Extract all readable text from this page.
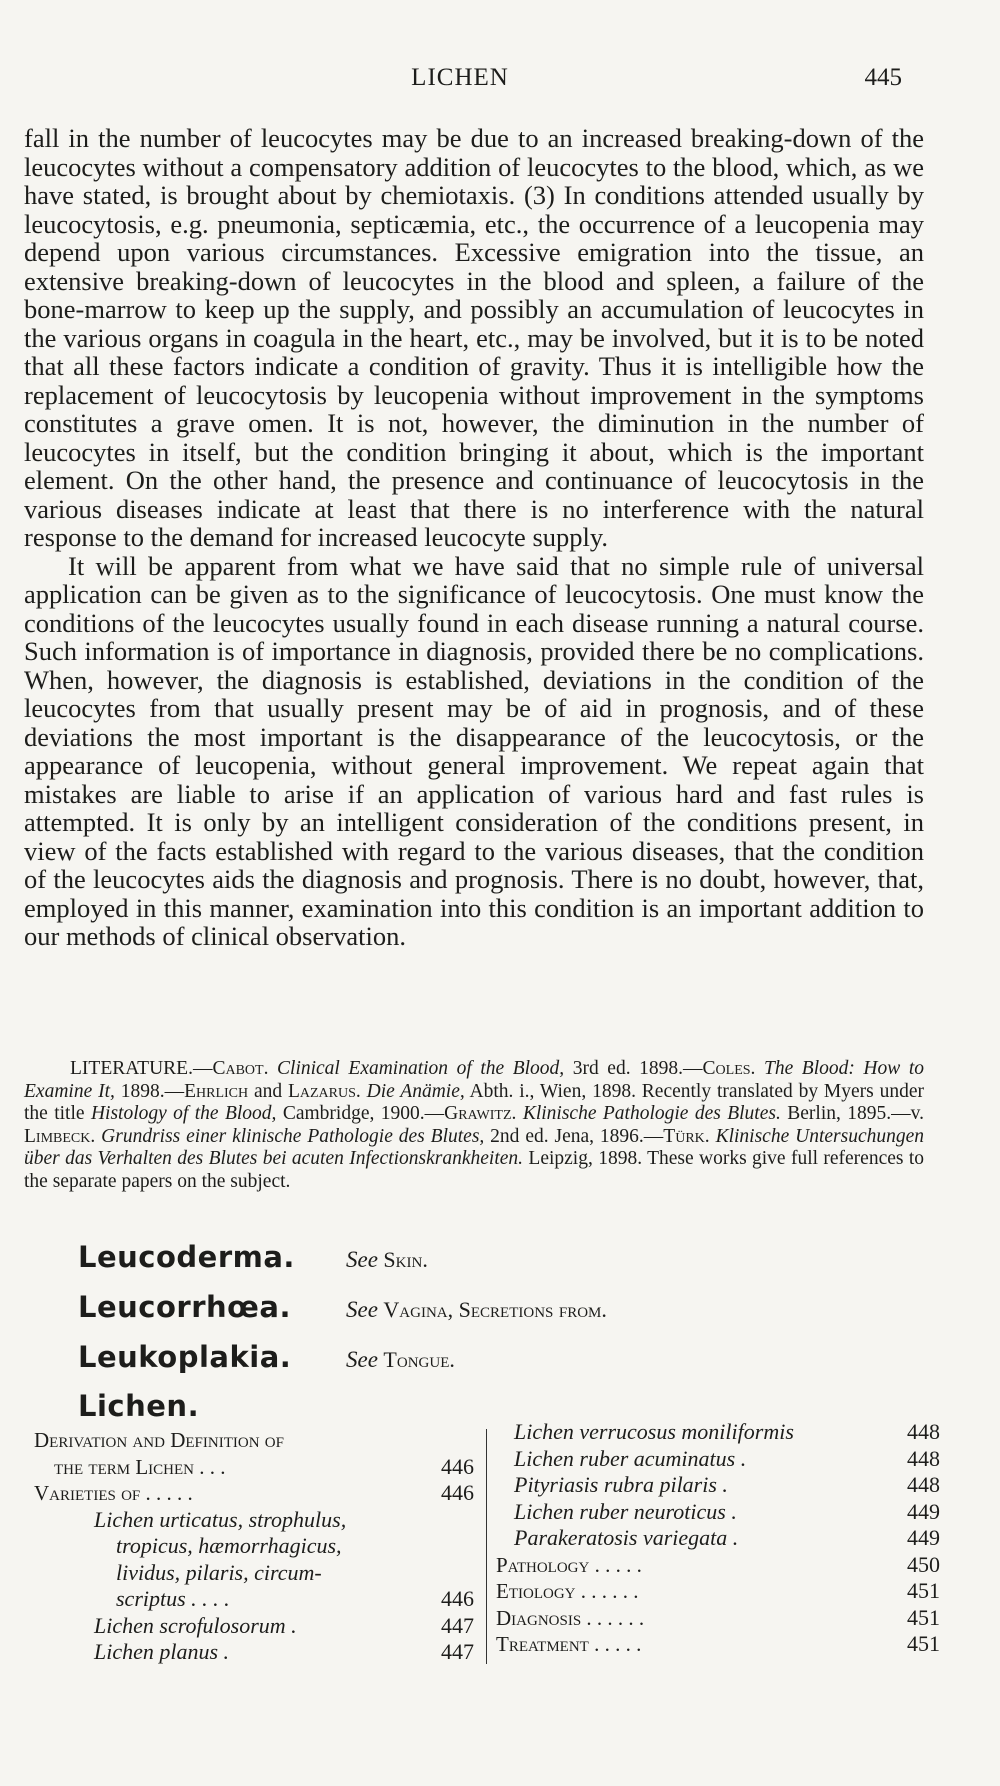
LICHEN	445

fall in the number of leucocytes may be due to an increased breaking-down of the leucocytes without a compensatory addition of leucocytes to the blood, which, as we have stated, is brought about by chemiotaxis. (3) In conditions attended usually by leucocytosis, e.g. pneumonia, septicæmia, etc., the occurrence of a leucopenia may depend upon various circumstances. Excessive emigration into the tissue, an extensive breaking-down of leucocytes in the blood and spleen, a failure of the bone-marrow to keep up the supply, and possibly an accumulation of leucocytes in the various organs in coagula in the heart, etc., may be involved, but it is to be noted that all these factors indicate a condition of gravity. Thus it is intelligible how the replacement of leucocytosis by leucopenia without improvement in the symptoms constitutes a grave omen. It is not, however, the diminution in the number of leucocytes in itself, but the condition bringing it about, which is the important element. On the other hand, the presence and continuance of leucocytosis in the various diseases indicate at least that there is no interference with the natural response to the demand for increased leucocyte supply.

It will be apparent from what we have said that no simple rule of universal application can be given as to the significance of leucocytosis. One must know the conditions of the leucocytes usually found in each disease running a natural course. Such information is of importance in diagnosis, provided there be no complications. When, however, the diagnosis is established, deviations in the condition of the leucocytes from that usually present may be of aid in prognosis, and of these deviations the most important is the disappearance of the leucocytosis, or the appearance of leucopenia, without general improvement. We repeat again that mistakes are liable to arise if an application of various hard and fast rules is attempted. It is only by an intelligent consideration of the conditions present, in view of the facts established with regard to the various diseases, that the condition of the leucocytes aids the diagnosis and prognosis. There is no doubt, however, that, employed in this manner, examination into this condition is an important addition to our methods of clinical observation.

LITERATURE.—Cabot. Clinical Examination of the Blood, 3rd ed. 1898.—Coles. The Blood: How to Examine It, 1898.—Ehrlich and Lazarus. Die Anämie, Abth. i., Wien, 1898. Recently translated by Myers under the title Histology of the Blood, Cambridge, 1900.—Grawitz. Klinische Pathologie des Blutes. Berlin, 1895.—v. Limbeck. Grundriss einer klinische Pathologie des Blutes, 2nd ed. Jena, 1896.—Türk. Klinische Untersuchungen über das Verhalten des Blutes bei acuten Infectionskrankheiten. Leipzig, 1898. These works give full references to the separate papers on the subject.
Leucoderma. See Skin.
Leucorrhœa. See Vagina, Secretions from.
Leukoplakia. See Tongue.
Lichen.
Derivation and Definition of
the term Lichen . . .	446
Varieties of . . . . .	446
Lichen urticatus, strophulus,
tropicus, hæmorrhagicus,
lividus, pilaris, circum-
scriptus . . . .	446
Lichen scrofulosorum .	447
Lichen planus .	447
Lichen verrucosus moniliformis	448
Lichen ruber acuminatus .	448
Pityriasis rubra pilaris .	448
Lichen ruber neuroticus .	449
Parakeratosis variegata .	449
Pathology . . . . .	450
Etiology . . . . . .	451
Diagnosis . . . . . .	451
Treatment . . . . .	451
